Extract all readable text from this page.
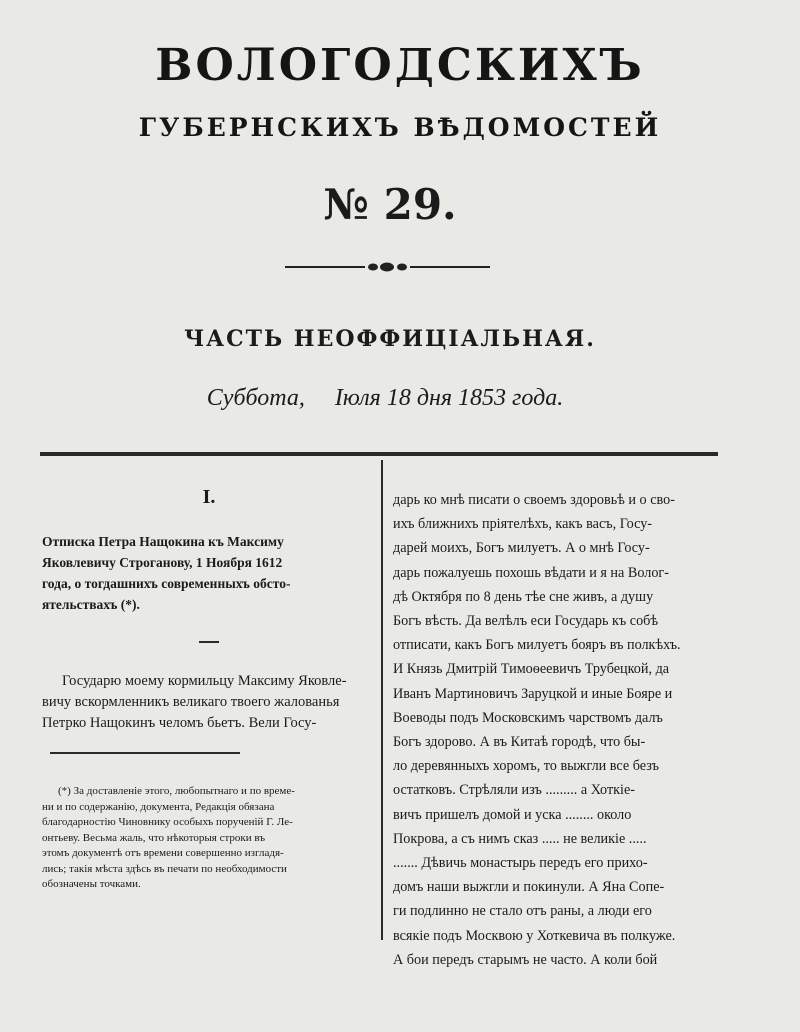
ВОЛОГОДСКИХЪ
ГУБЕРНСКИХЪ ВѢДОМОСТЕЙ
№ 29.
ЧАСТЬ НЕОФФИЦІАЛЬНАЯ.
Суббота, Іюля 18 дня 1853 года.
I.
Отписка Петра Нащокина къ Максиму
Яковлевичу Строганову, 1 Ноября 1612
года, о тогдашнихъ современныхъ обсто-
ятельствахъ (*).
Государю моему кормильцу Максиму Яковле-
вичу вскормленникъ великаго твоего жалованья
Петрко Нащокинъ челомъ бьетъ. Вели Госу-
(*) За доставленіе этого, любопытнаго и по време-
ни и по содержанію, документа, Редакція обязана
благодарностію Чиновнику особыхъ порученій Г. Ле-
онтьеву. Весьма жаль, что нѣкоторыя строки въ
этомъ документѣ отъ времени совершенно изгладя-
лись; такія мѣста здѣсь въ печати по необходимости
обозначены точками.
дарь ко мнѣ писати о своемъ здоровьѣ и о сво-
ихъ ближнихъ пріятелѣхъ, какъ васъ, Госу-
дарей моихъ, Богъ милуетъ. А о мнѣ Госу-
дарь пожалуешь похошь вѣдати и я на Волог-
дѣ Октября по 8 день тѣе сне живъ, а душу
Богъ вѣсть. Да велѣлъ еси Государь къ собѣ
отписати, какъ Богъ милуетъ бояръ въ полкѣхъ.
И Князь Дмитрій Тимоѳеевичъ Трубецкой, да
Иванъ Мартиновичъ Заруцкой и иные Бояре и
Воеводы подъ Московскимъ чарствомъ далъ
Богъ здорово. А въ Китаѣ городѣ, что бы-
ло деревянныхъ хоромъ, то выжгли все безъ
остатковъ. Стрѣляли изъ ......... а Хоткіе-
вичъ пришелъ домой и уска ........ около
Покрова, а съ нимъ сказ ..... не великіе .....
....... Дѣвичь монастырь передъ его прихо-
домъ наши выжгли и покинули. А Яна Сопе-
ги подлинно не стало отъ раны, а люди его
всякіе подъ Москвою у Хоткевича въ полкуже.
А бои передъ старымъ не часто. А коли бой
